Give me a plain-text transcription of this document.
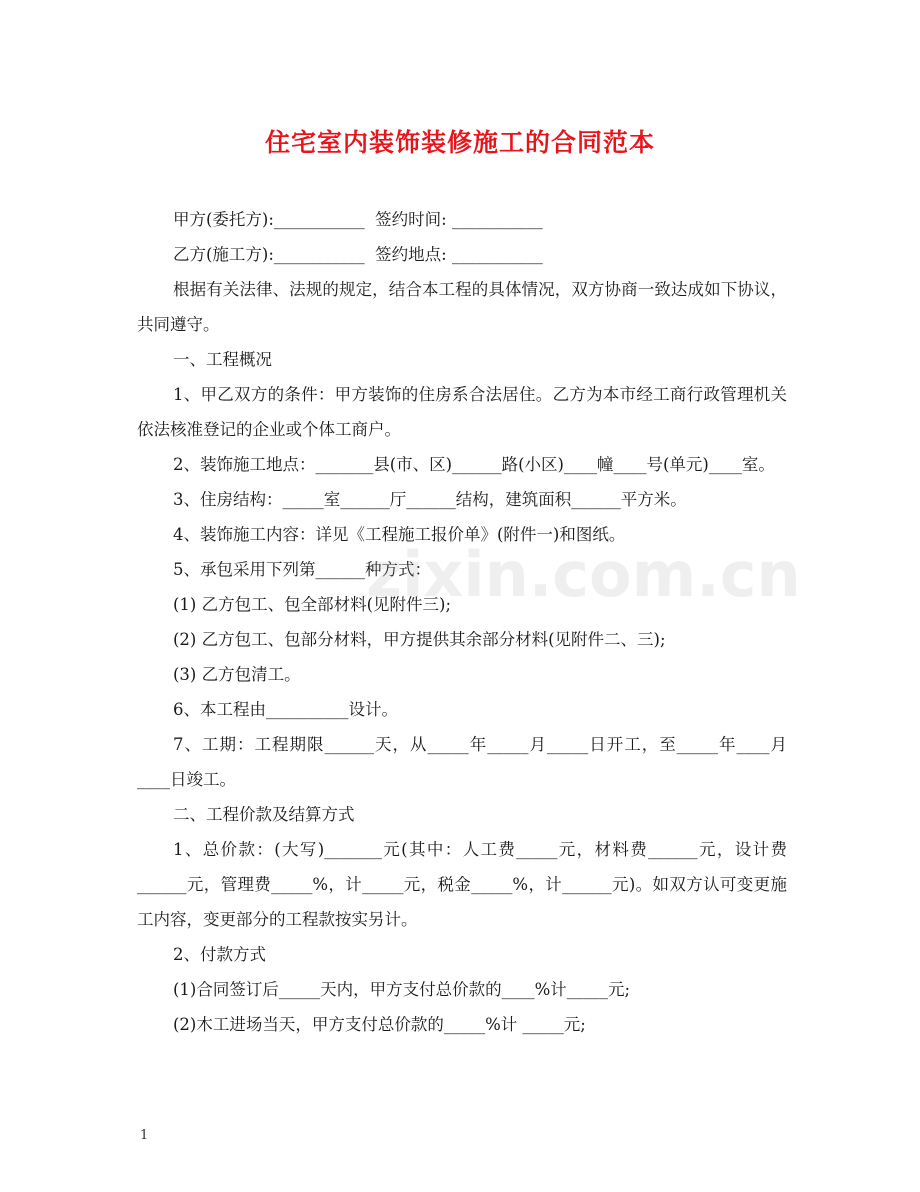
住宅室内装饰装修施工的合同范本

甲方(委托方):___________  签约时间: ___________

乙方(施工方):___________  签约地点: ___________

根据有关法律、法规的规定，结合本工程的具体情况，双方协商一致达成如下协议，共同遵守。

一、工程概况

1、甲乙双方的条件：甲方装饰的住房系合法居住。乙方为本市经工商行政管理机关依法核准登记的企业或个体工商户。

2、装饰施工地点：_______县(市、区)______路(小区)____幢____号(单元)____室。

3、住房结构：_____室______厅______结构，建筑面积______平方米。

4、装饰施工内容：详见《工程施工报价单》(附件一)和图纸。

5、承包采用下列第______种方式：

(1) 乙方包工、包全部材料(见附件三);

(2) 乙方包工、包部分材料，甲方提供其余部分材料(见附件二、三);

(3) 乙方包清工。

6、本工程由__________设计。

7、工期：工程期限______天，从_____年_____月_____日开工，至_____年____月____日竣工。

二、工程价款及结算方式

1、总价款：(大写)_______元(其中：人工费_____元，材料费______元，设计费 ______元，管理费_____%，计_____元，税金_____%，计______元)。如双方认可变更施工内容，变更部分的工程款按实另计。

2、付款方式

(1)合同签订后_____天内，甲方支付总价款的____%计_____元;

(2)木工进场当天，甲方支付总价款的_____%计 _____元;

zixin.com.cn
1
